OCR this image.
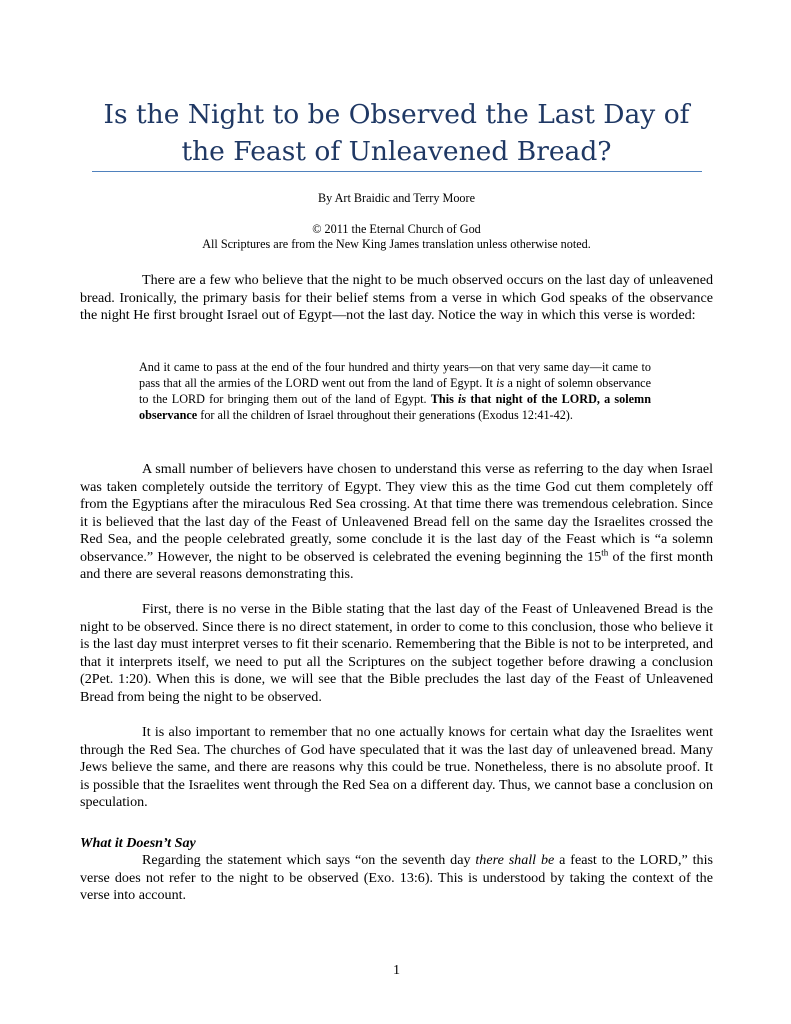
Is the Night to be Observed the Last Day of
the Feast of Unleavened Bread?
By Art Braidic and Terry Moore
© 2011 the Eternal Church of God
All Scriptures are from the New King James translation unless otherwise noted.

There are a few who believe that the night to be much observed occurs on the last day of unleavened bread. Ironically, the primary basis for their belief stems from a verse in which God speaks of the observance the night He first brought Israel out of Egypt—not the last day. Notice the way in which this verse is worded:

And it came to pass at the end of the four hundred and thirty years—on that very same day—it came to pass that all the armies of the LORD went out from the land of Egypt. It is a night of solemn observance to the LORD for bringing them out of the land of Egypt. This is that night of the LORD, a solemn observance for all the children of Israel throughout their generations (Exodus 12:41-42).

A small number of believers have chosen to understand this verse as referring to the day when Israel was taken completely outside the territory of Egypt. They view this as the time God cut them completely off from the Egyptians after the miraculous Red Sea crossing. At that time there was tremendous celebration. Since it is believed that the last day of the Feast of Unleavened Bread fell on the same day the Israelites crossed the Red Sea, and the people celebrated greatly, some conclude it is the last day of the Feast which is “a solemn observance.” However, the night to be observed is celebrated the evening beginning the 15th of the first month and there are several reasons demonstrating this.

First, there is no verse in the Bible stating that the last day of the Feast of Unleavened Bread is the night to be observed. Since there is no direct statement, in order to come to this conclusion, those who believe it is the last day must interpret verses to fit their scenario. Remembering that the Bible is not to be interpreted, and that it interprets itself, we need to put all the Scriptures on the subject together before drawing a conclusion (2Pet. 1:20). When this is done, we will see that the Bible precludes the last day of the Feast of Unleavened Bread from being the night to be observed.

It is also important to remember that no one actually knows for certain what day the Israelites went through the Red Sea. The churches of God have speculated that it was the last day of unleavened bread. Many Jews believe the same, and there are reasons why this could be true. Nonetheless, there is no absolute proof. It is possible that the Israelites went through the Red Sea on a different day. Thus, we cannot base a conclusion on speculation.

What it Doesn’t Say

Regarding the statement which says “on the seventh day there shall be a feast to the LORD,” this verse does not refer to the night to be observed (Exo. 13:6). This is understood by taking the context of the verse into account.

1
